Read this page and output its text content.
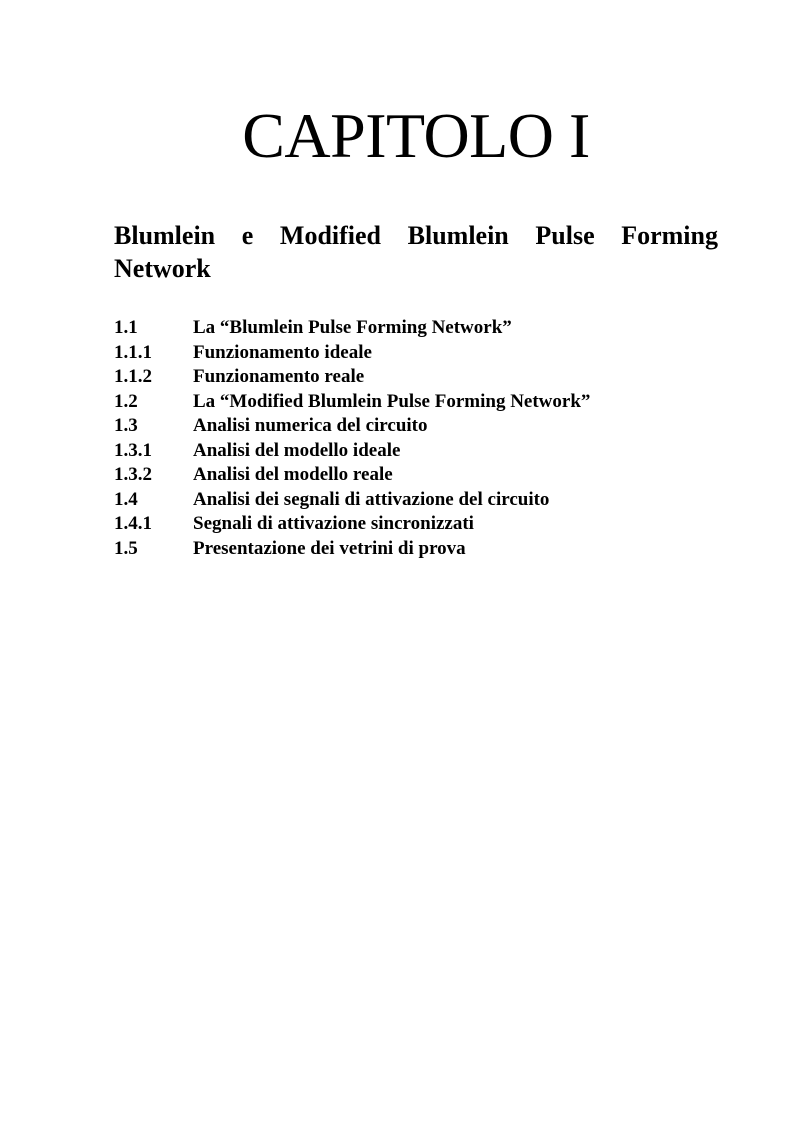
CAPITOLO I
Blumlein e Modified Blumlein Pulse Forming Network
1.1	La “Blumlein Pulse Forming Network”
1.1.1	Funzionamento ideale
1.1.2	Funzionamento reale
1.2	La “Modified Blumlein Pulse Forming Network”
1.3	Analisi numerica del circuito
1.3.1	Analisi del modello ideale
1.3.2	Analisi del modello reale
1.4	Analisi dei segnali di attivazione del circuito
1.4.1	Segnali di attivazione sincronizzati
1.5	Presentazione dei vetrini di prova
